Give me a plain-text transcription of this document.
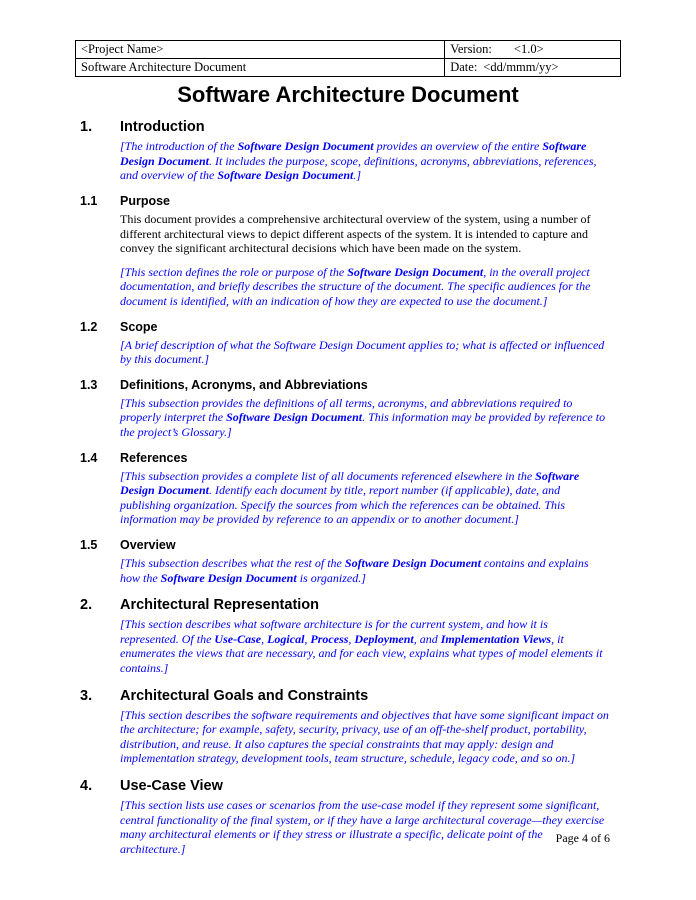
<Project Name>	Version: <1.0>
Software Architecture Document	Date: <dd/mmm/yy>
Software Architecture Document
1.	Introduction

[The introduction of the Software Design Document provides an overview of the entire Software Design Document. It includes the purpose, scope, definitions, acronyms, abbreviations, references, and overview of the Software Design Document.]

1.1	Purpose

This document provides a comprehensive architectural overview of the system, using a number of different architectural views to depict different aspects of the system. It is intended to capture and convey the significant architectural decisions which have been made on the system.

[This section defines the role or purpose of the Software Design Document, in the overall project documentation, and briefly describes the structure of the document. The specific audiences for the document is identified, with an indication of how they are expected to use the document.]

1.2	Scope

[A brief description of what the Software Design Document applies to; what is affected or influenced by this document.]

1.3	Definitions, Acronyms, and Abbreviations

[This subsection provides the definitions of all terms, acronyms, and abbreviations required to properly interpret the Software Design Document. This information may be provided by reference to the project’s Glossary.]

1.4	References

[This subsection provides a complete list of all documents referenced elsewhere in the Software Design Document. Identify each document by title, report number (if applicable), date, and publishing organization. Specify the sources from which the references can be obtained. This information may be provided by reference to an appendix or to another document.]

1.5	Overview

[This subsection describes what the rest of the Software Design Document contains and explains how the Software Design Document is organized.]

2.	Architectural Representation

[This section describes what software architecture is for the current system, and how it is represented. Of the Use-Case, Logical, Process, Deployment, and Implementation Views, it enumerates the views that are necessary, and for each view, explains what types of model elements it contains.]

3.	Architectural Goals and Constraints

[This section describes the software requirements and objectives that have some significant impact on the architecture; for example, safety, security, privacy, use of an off-the-shelf product, portability, distribution, and reuse. It also captures the special constraints that may apply: design and implementation strategy, development tools, team structure, schedule, legacy code, and so on.]

4.	Use-Case View

[This section lists use cases or scenarios from the use-case model if they represent some significant, central functionality of the final system, or if they have a large architectural coverage—they exercise many architectural elements or if they stress or illustrate a specific, delicate point of the architecture.]

Page 4 of 6
